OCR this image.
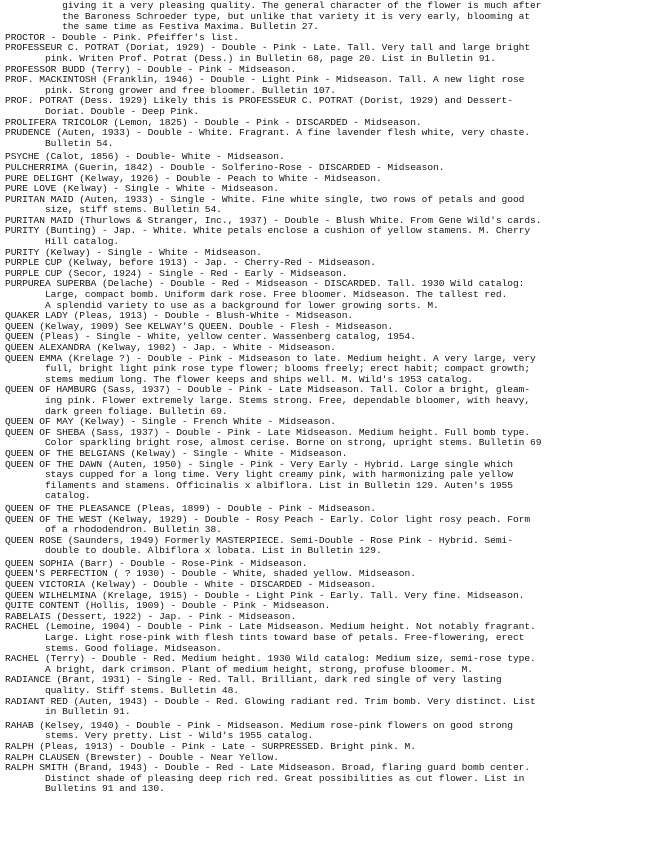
giving it a very pleasing quality. The general character of the flower is much after
the Baroness Schroeder type, but unlike that variety it is very early, blooming at
the same time as Festiva Maxima. Bulletin 27.
PROCTOR - Double - Pink. Pfeiffer's list.
PROFESSEUR C. POTRAT (Doriat, 1929) - Double - Pink - Late. Tall. Very tall and large bright
pink. Writen Prof. Potrat (Dess.) in Bulletin 68, page 20. List in Bulletin 91.
PROFESSOR BUDD (Terry) - Double - Pink - Midseason.
PROF. MACKINTOSH (Franklin, 1946) - Double - Light Pink - Midseason. Tall. A new light rose
pink. Strong grower and free bloomer. Bulletin 107.
PROF. POTRAT (Dess. 1929) Likely this is PROFESSEUR C. POTRAT (Dorist, 1929) and Dessert-
Doriat. Double - Deep Pink.
PROLIFERA TRICOLOR (Lemon, 1825) - Double - Pink - DISCARDED - Midseason.
PRUDENCE (Auten, 1933) - Double - White. Fragrant. A fine lavender flesh white, very chaste.
Bulletin 54.
PSYCHE (Calot, 1856) - Double- White - Midseason.
PULCHERRIMA (Guerin, 1842) - Double - Solferino-Rose - DISCARDED - Midseason.
PURE DELIGHT (Kelway, 1926) - Double - Peach to White - Midseason.
PURE LOVE (Kelway) - Single - White - Midseason.
PURITAN MAID (Auten, 1933) - Single - White. Fine white single, two rows of petals and good
size, stiff stems. Bulletin 54.
PURITAN MAID (Thurlows & Stranger, Inc., 1937) - Double - Blush White. From Gene Wild's cards.
PURITY (Bunting) - Jap. - White. White petals enclose a cushion of yellow stamens. M. Cherry
Hill catalog.
PURITY (Kelway) - Single - White - Midseason.
PURPLE CUP (Kelway, before 1913) - Jap. - Cherry-Red - Midseason.
PURPLE CUP (Secor, 1924) - Single - Red - Early - Midseason.
PURPUREA SUPERBA (Delache) - Double - Red - Midseason - DISCARDED. Tall. 1930 Wild catalog:
Large, compact bomb. Uniform dark rose. Free bloomer. Midseason. The tallest red.
A splendid variety to use as a background for lower growing sorts. M.
QUAKER LADY (Pleas, 1913) - Double - Blush-White - Midseason.
QUEEN (Kelway, 1909) See KELWAY'S QUEEN. Double - Flesh - Midseason.
QUEEN (Pleas) - Single - White, yellow center. Wassenberg catalog, 1954.
QUEEN ALEXANDRA (Kelway, 1902) - Jap. - White - Midseason.
QUEEN EMMA (Krelage ?) - Double - Pink - Midseason to late. Medium height. A very large, very
full, bright light pink rose type flower; blooms freely; erect habit; compact growth;
stems medium long. The flower keeps and ships well. M. Wild's 1953 catalog.
QUEEN OF HAMBURG (Sass, 1937) - Double - Pink - Late Midseason. Tall. Color a bright, gleam-
ing pink. Flower extremely large. Stems strong. Free, dependable bloomer, with heavy,
dark green foliage. Bulletin 69.
QUEEN OF MAY (Kelway) - Single - French White - Midseason.
QUEEN OF SHEBA (Sass, 1937) - Double - Pink - Late Midseason. Medium height. Full bomb type.
Color sparkling bright rose, almost cerise. Borne on strong, upright stems. Bulletin 69
QUEEN OF THE BELGIANS (Kelway) - Single - White - Midseason.
QUEEN OF THE DAWN (Auten, 1950) - Single - Pink - Very Early - Hybrid. Large single which
stays cupped for a long time. Very light creamy pink, with harmonizing pale yellow
filaments and stamens. Officinalis x albiflora. List in Bulletin 129. Auten's 1955
catalog.
QUEEN OF THE PLEASANCE (Pleas, 1899) - Double - Pink - Midseason.
QUEEN OF THE WEST (Kelway, 1929) - Double - Rosy Peach - Early. Color light rosy peach. Form
of a rhododendron. Bulletin 38.
QUEEN ROSE (Saunders, 1949) Formerly MASTERPIECE. Semi-Double - Rose Pink - Hybrid. Semi-
double to double. Albiflora x lobata. List in Bulletin 129.
QUEEN SOPHIA (Barr) - Double - Rose-Pink - Midseason.
QUEEN'S PERFECTION ( ? 1930) - Double - White, shaded yellow. Midseason.
QUEEN VICTORIA (Kelway) - Double - White - DISCARDED - Midseason.
QUEEN WILHELMINA (Krelage, 1915) - Double - Light Pink - Early. Tall. Very fine. Midseason.
QUITE CONTENT (Hollis, 1909) - Double - Pink - Midseason.
RABELAIS (Dessert, 1922) - Jap. - Pink - Midseason.
RACHEL (Lemoine, 1904) - Double - Pink - Late Midseason. Medium height. Not notably fragrant.
Large. Light rose-pink with flesh tints toward base of petals. Free-flowering, erect
stems. Good foliage. Midseason.
RACHEL (Terry) - Double - Red. Medium height. 1930 Wild catalog: Medium size, semi-rose type.
A bright, dark crimson. Plant of medium height, strong, profuse bloomer. M.
RADIANCE (Brant, 1931) - Single - Red. Tall. Brilliant, dark red single of very lasting
quality. Stiff stems. Bulletin 48.
RADIANT RED (Auten, 1943) - Double - Red. Glowing radiant red. Trim bomb. Very distinct. List
in Bulletin 91.
RAHAB (Kelsey, 1940) - Double - Pink - Midseason. Medium rose-pink flowers on good strong
stems. Very pretty. List - Wild's 1955 catalog.
RALPH (Pleas, 1913) - Double - Pink - Late - SURPRESSED. Bright pink. M.
RALPH CLAUSEN (Brewster) - Double - Near Yellow.
RALPH SMITH (Brand, 1943) - Double - Red - Late Midseason. Broad, flaring guard bomb center.
Distinct shade of pleasing deep rich red. Great possibilities as cut flower. List in
Bulletins 91 and 130.
